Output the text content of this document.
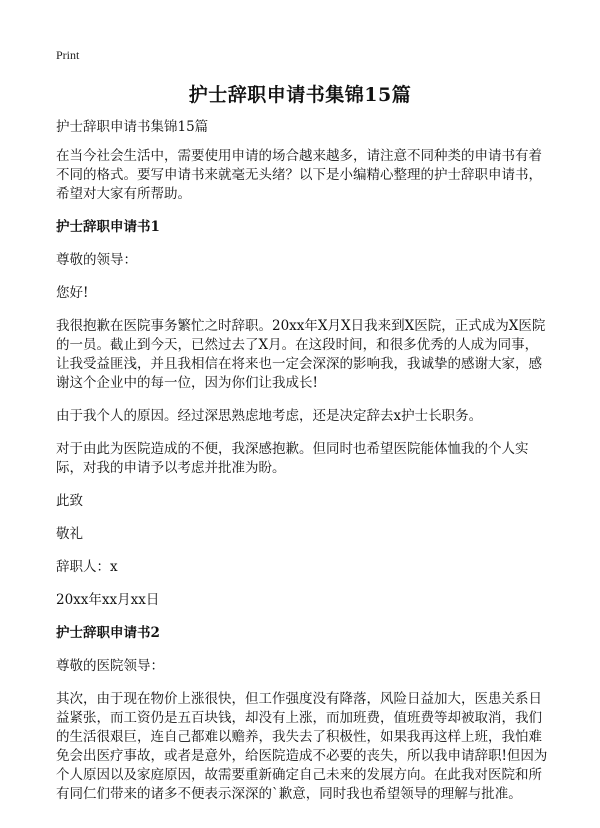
Print
护士辞职申请书集锦15篇

护士辞职申请书集锦15篇

在当今社会生活中，需要使用申请的场合越来越多，请注意不同种类的申请书有着不同的格式。要写申请书来就毫无头绪？以下是小编精心整理的护士辞职申请书，希望对大家有所帮助。

护士辞职申请书1

尊敬的领导：

您好!

我很抱歉在医院事务繁忙之时辞职。20xx年X月X日我来到X医院，正式成为X医院的一员。截止到今天，已然过去了X月。在这段时间，和很多优秀的人成为同事，让我受益匪浅，并且我相信在将来也一定会深深的影响我，我诚挚的感谢大家，感谢这个企业中的每一位，因为你们让我成长!

由于我个人的原因。经过深思熟虑地考虑，还是决定辞去x护士长职务。

对于由此为医院造成的不便，我深感抱歉。但同时也希望医院能体恤我的个人实际，对我的申请予以考虑并批准为盼。

此致

敬礼

辞职人：x

20xx年xx月xx日

护士辞职申请书2

尊敬的医院领导：

其次，由于现在物价上涨很快，但工作强度没有降落，风险日益加大，医患关系日益紧张，而工资仍是五百块钱，却没有上涨，而加班费，值班费等却被取消，我们的生活很艰巨，连自己都难以赡养，我失去了积极性，如果我再这样上班，我怕难免会出医疗事故，或者是意外，给医院造成不必要的丧失，所以我申请辞职!但因为个人原因以及家庭原因，故需要重新确定自己未来的发展方向。在此我对医院和所有同仁们带来的诸多不便表示深深的`歉意，同时我也希望领导的理解与批准。
